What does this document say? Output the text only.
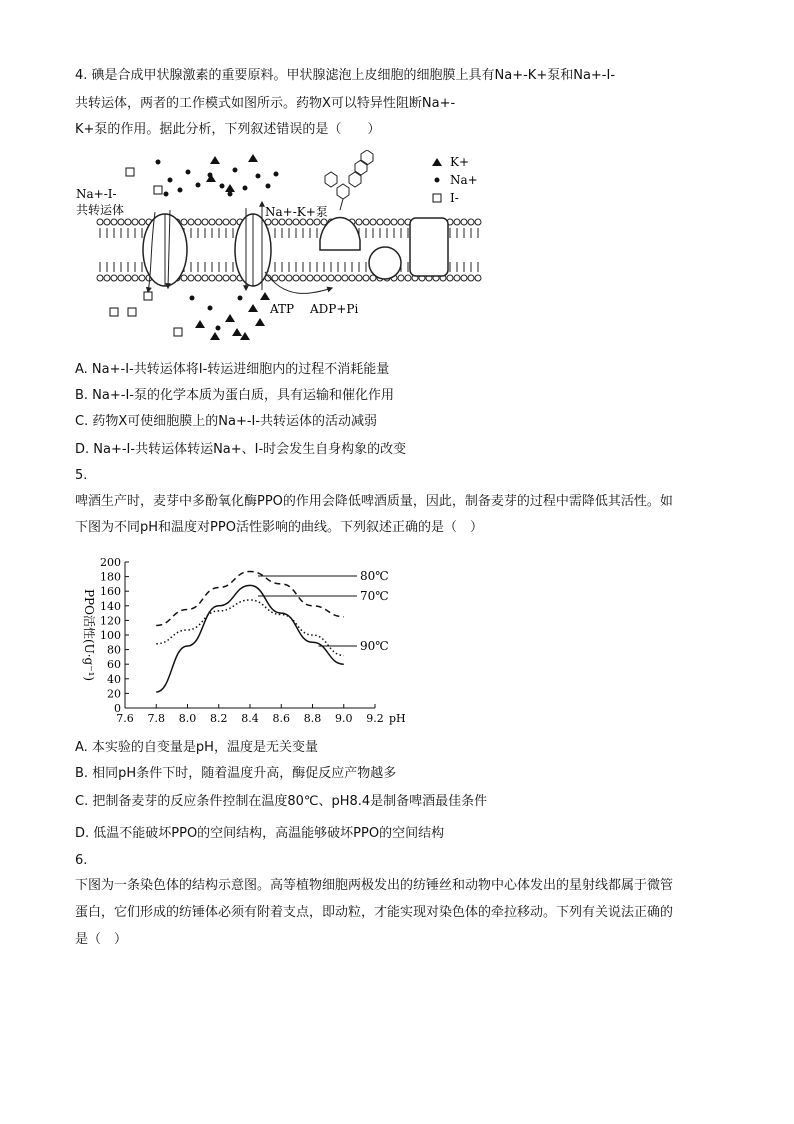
4. 碘是合成甲状腺激素的重要原料。甲状腺滤泡上皮细胞的细胞膜上具有Na+-K+泵和Na+-I-
共转运体，两者的工作模式如图所示。药物X可以特异性阻断Na+-
K+泵的作用。据此分析，下列叙述错误的是（　　）
ATP ADP+Pi
Na+-I-
共转运体	Na+-K+泵
K+
Na+
I-
A. Na+-I-共转运体将I-转运进细胞内的过程不消耗能量
B. Na+-I-泵的化学本质为蛋白质，具有运输和催化作用
C. 药物X可使细胞膜上的Na+-I-共转运体的活动减弱
D. Na+-I-共转运体转运Na+、I-时会发生自身构象的改变
5.
啤酒生产时，麦芽中多酚氧化酶PPO的作用会降低啤酒质量，因此，制备麦芽的过程中需降低其活性。如
下图为不同pH和温度对PPO活性影响的曲线。下列叙述正确的是（　）
7.6 7.8 8.0 8.2 8.4 8.6 8.8 9.0 9.2 pH
0
20
40
60
80
100
120
140
160
180
200
PPO活性(U·g⁻¹)
80℃
70℃
90℃
A. 本实验的自变量是pH，温度是无关变量
B. 相同pH条件下时，随着温度升高，酶促反应产物越多
C. 把制备麦芽的反应条件控制在温度80℃、pH8.4是制备啤酒最佳条件
D. 低温不能破坏PPO的空间结构，高温能够破坏PPO的空间结构
6.
下图为一条染色体的结构示意图。高等植物细胞两极发出的纺锤丝和动物中心体发出的星射线都属于微管
蛋白，它们形成的纺锤体必须有附着支点，即动粒，才能实现对染色体的牵拉移动。下列有关说法正确的
是（　）
